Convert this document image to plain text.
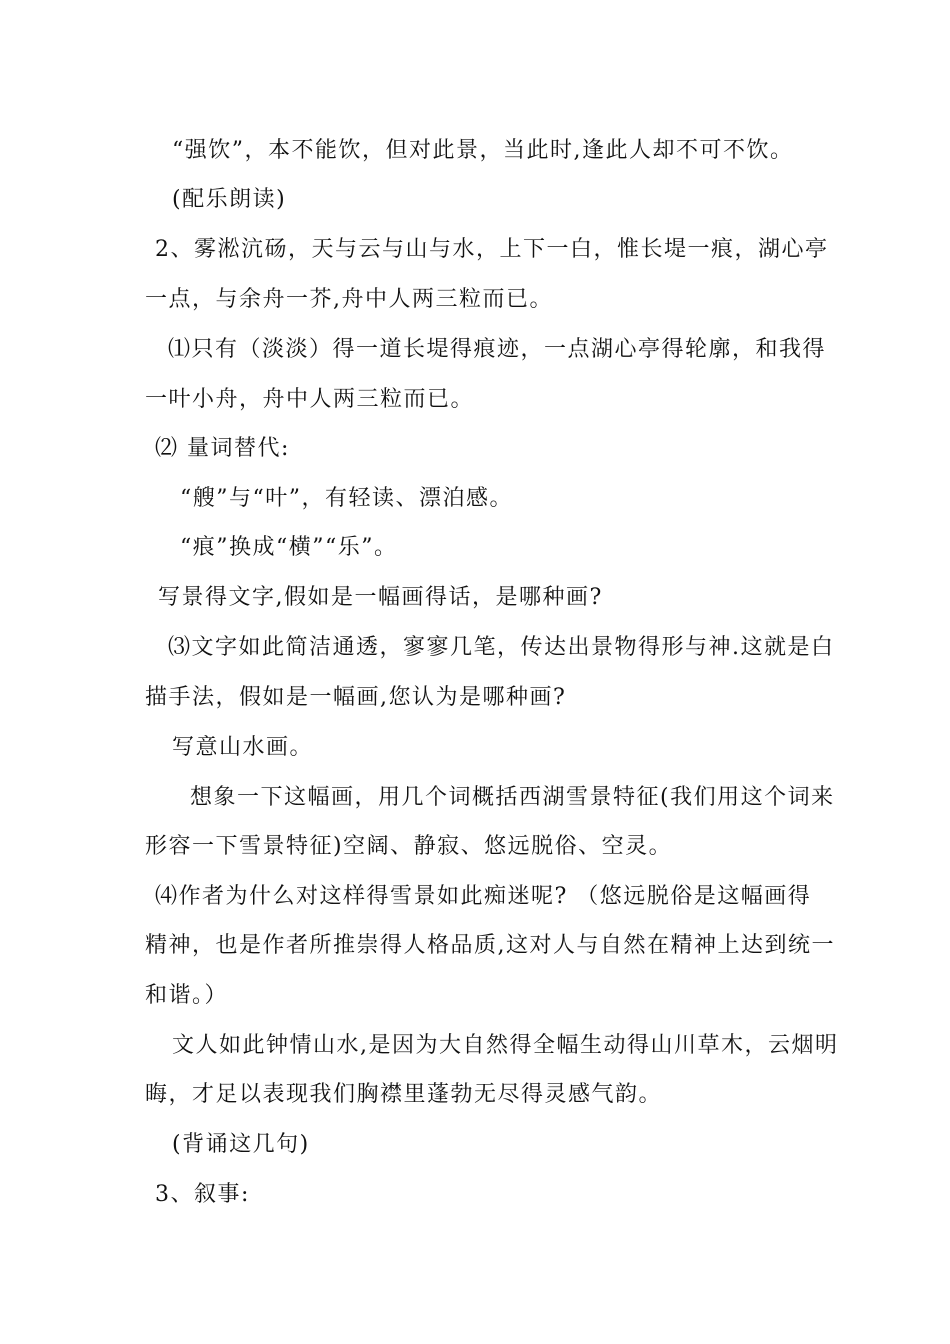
“强饮”，本不能饮，但对此景，当此时,逢此人却不可不饮。

(配乐朗读)

2、雾淞沆砀，天与云与山与水，上下一白，惟长堤一痕，湖心亭

一点，与余舟一芥,舟中人两三粒而已。

⑴只有（淡淡）得一道长堤得痕迹，一点湖心亭得轮廓，和我得

一叶小舟，舟中人两三粒而已。

⑵ 量词替代:

“艘”与“叶”，有轻读、漂泊感。

“痕”换成“横”“乐”。

写景得文字,假如是一幅画得话，是哪种画?

⑶文字如此简洁通透，寥寥几笔，传达出景物得形与神.这就是白

描手法，假如是一幅画,您认为是哪种画?

写意山水画。

想象一下这幅画，用几个词概括西湖雪景特征(我们用这个词来

形容一下雪景特征)空阔、静寂、悠远脱俗、空灵。

⑷作者为什么对这样得雪景如此痴迷呢? （悠远脱俗是这幅画得

精神，也是作者所推崇得人格品质,这对人与自然在精神上达到统一

和谐。）

文人如此钟情山水,是因为大自然得全幅生动得山川草木，云烟明

晦，才足以表现我们胸襟里蓬勃无尽得灵感气韵。

(背诵这几句)

3、叙事:
